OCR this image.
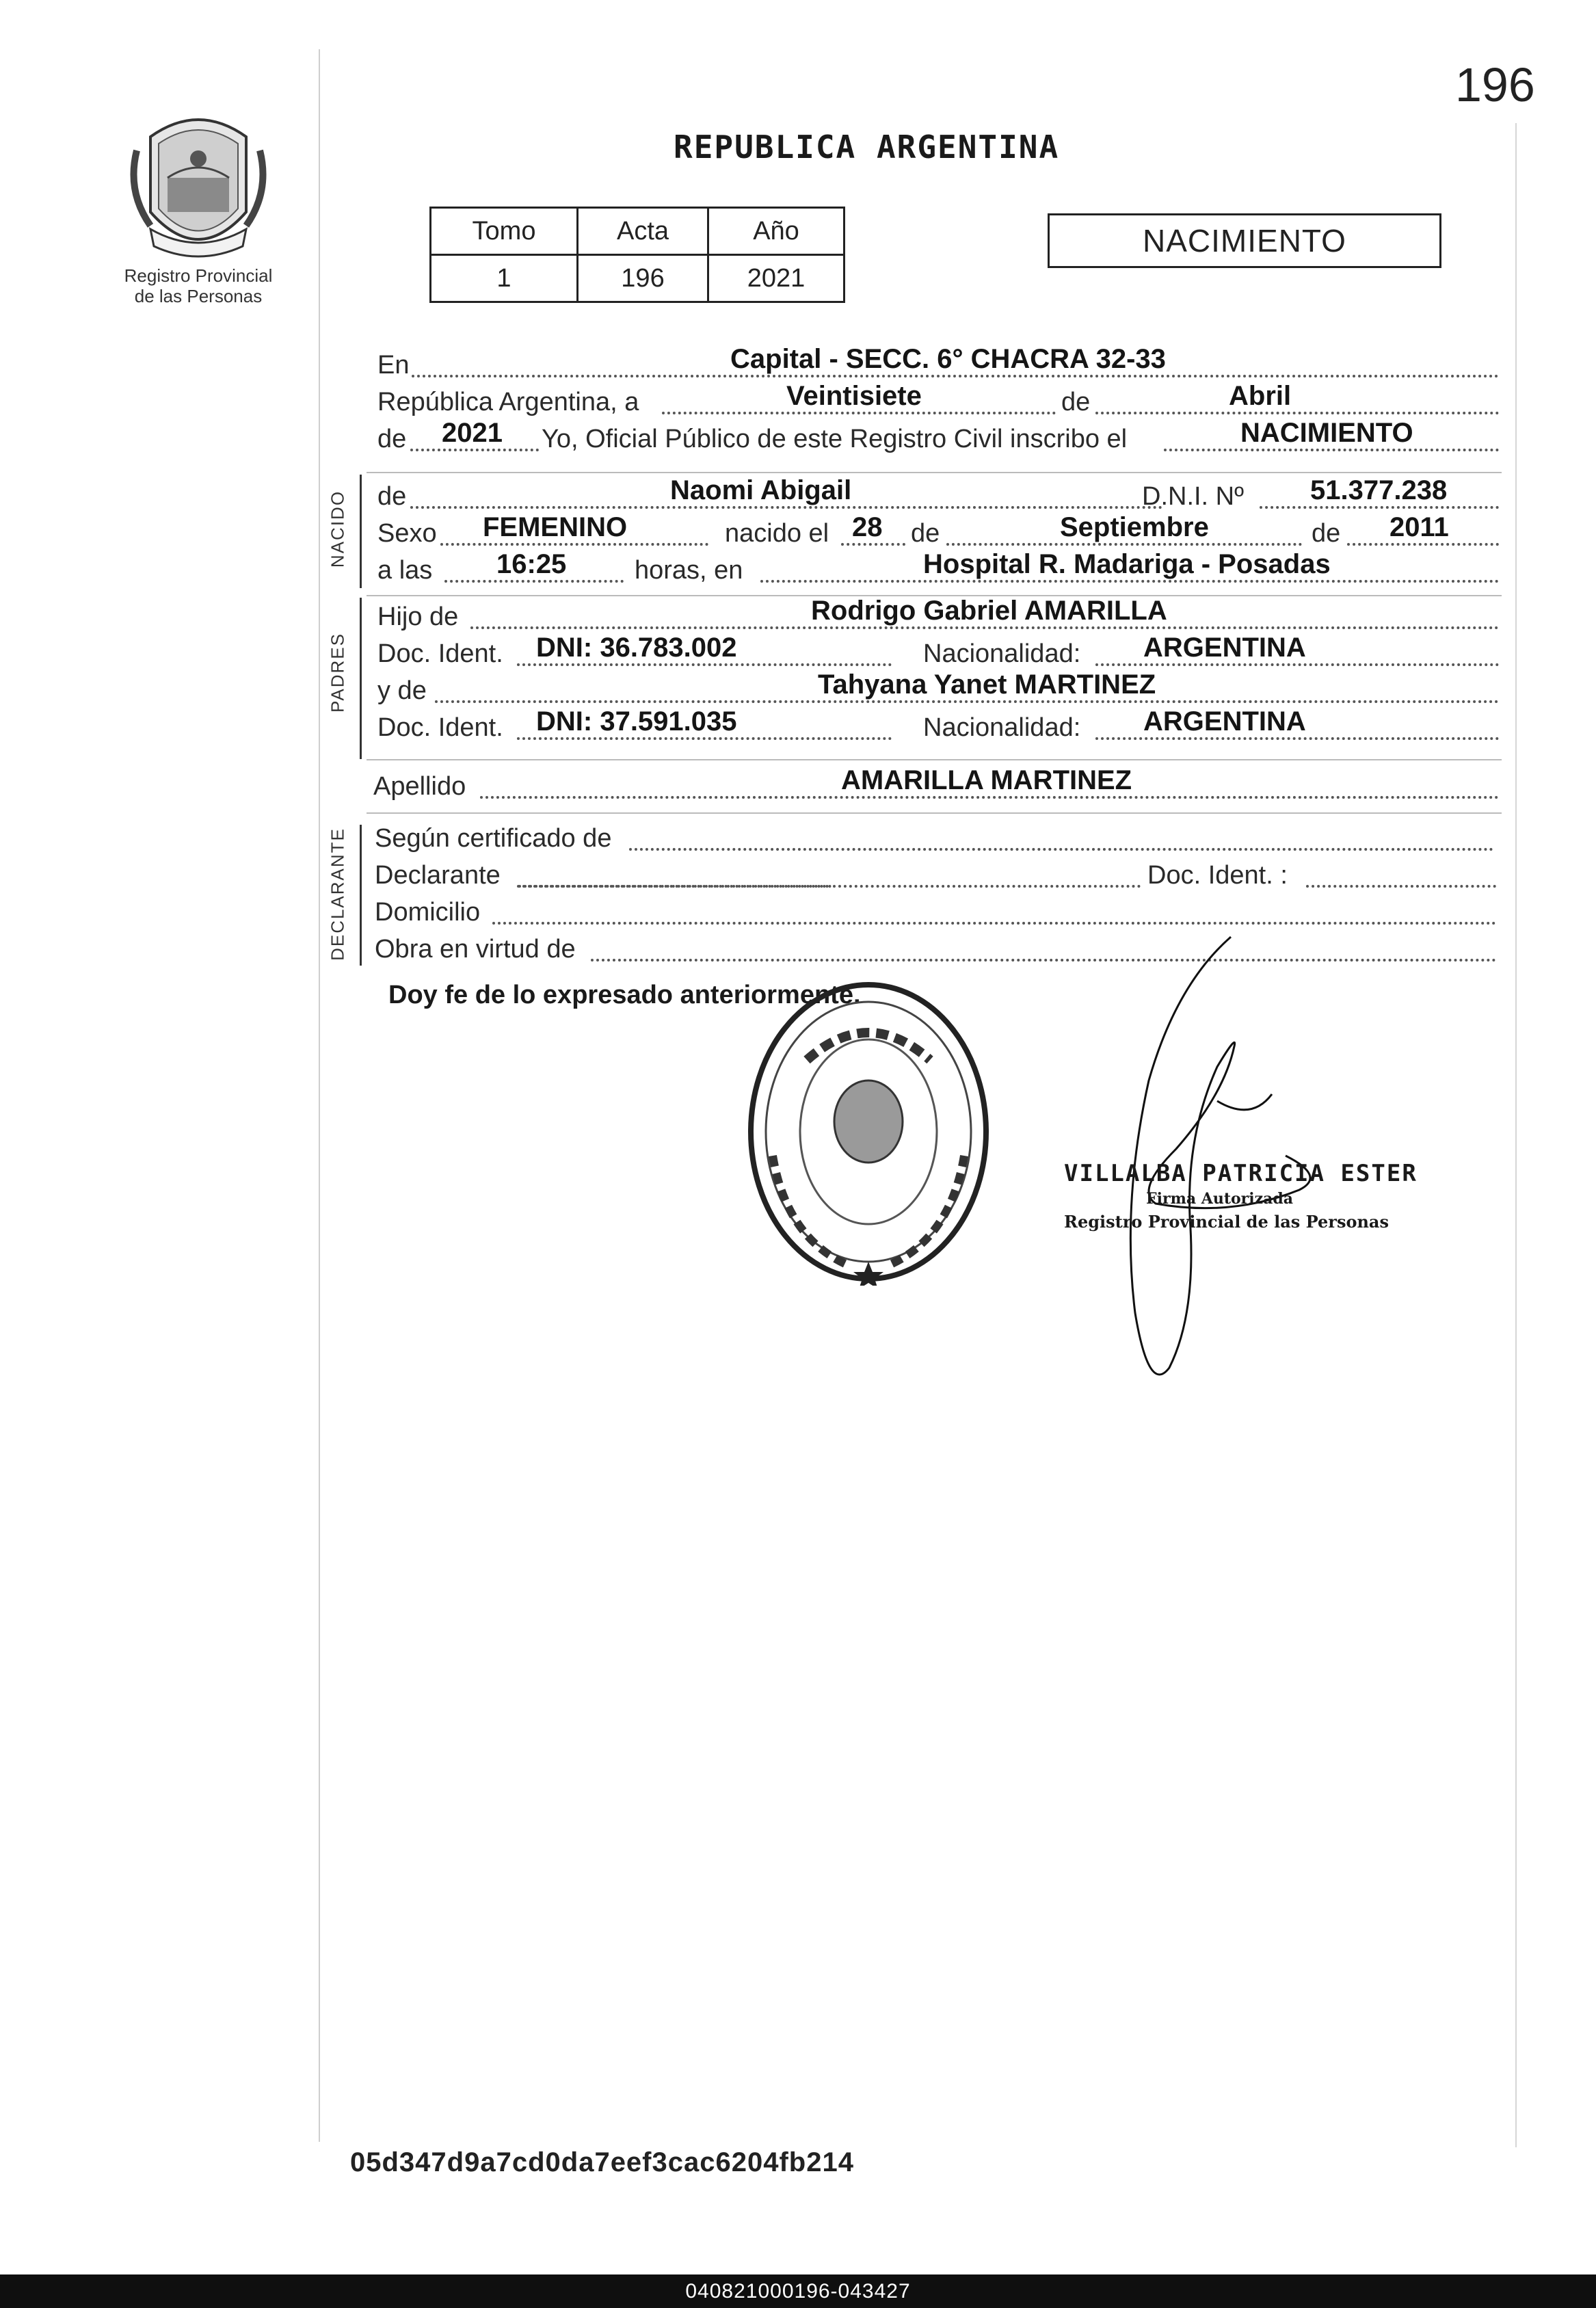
196
Registro Provincial
de las Personas
REPUBLICA ARGENTINA
Tomo	Acta	Año
1	196	2021
NACIMIENTO
En	Capital - SECC. 6° CHACRA 32-33
República Argentina, a	Veintisiete	de	Abril
de 2021 Yo, Oficial Público de este Registro Civil inscribo el	NACIMIENTO
NACIDO de	Naomi Abigail	D.N.I. Nº 51.377.238
Sexo FEMENINO	nacido el 28 de	Septiembre	de 2011
a las 16:25	horas, en	Hospital R. Madariga - Posadas
PADRES
Hijo de	Rodrigo Gabriel AMARILLA
Doc. Ident. DNI: 36.783.002	Nacionalidad: ARGENTINA
y de	Tahyana Yanet MARTINEZ
Doc. Ident. DNI: 37.591.035	Nacionalidad: ARGENTINA
Apellido	AMARILLA MARTINEZ
DECLARANTE Según certificado de
Declarante	Doc. Ident. :
Domicilio
Obra en virtud de
Doy fe de lo expresado anteriormente.
VILLALBA PATRICIA ESTER
Firma Autorizada
Registro Provincial de las Personas
05d347d9a7cd0da7eef3cac6204fb214
040821000196-043427
